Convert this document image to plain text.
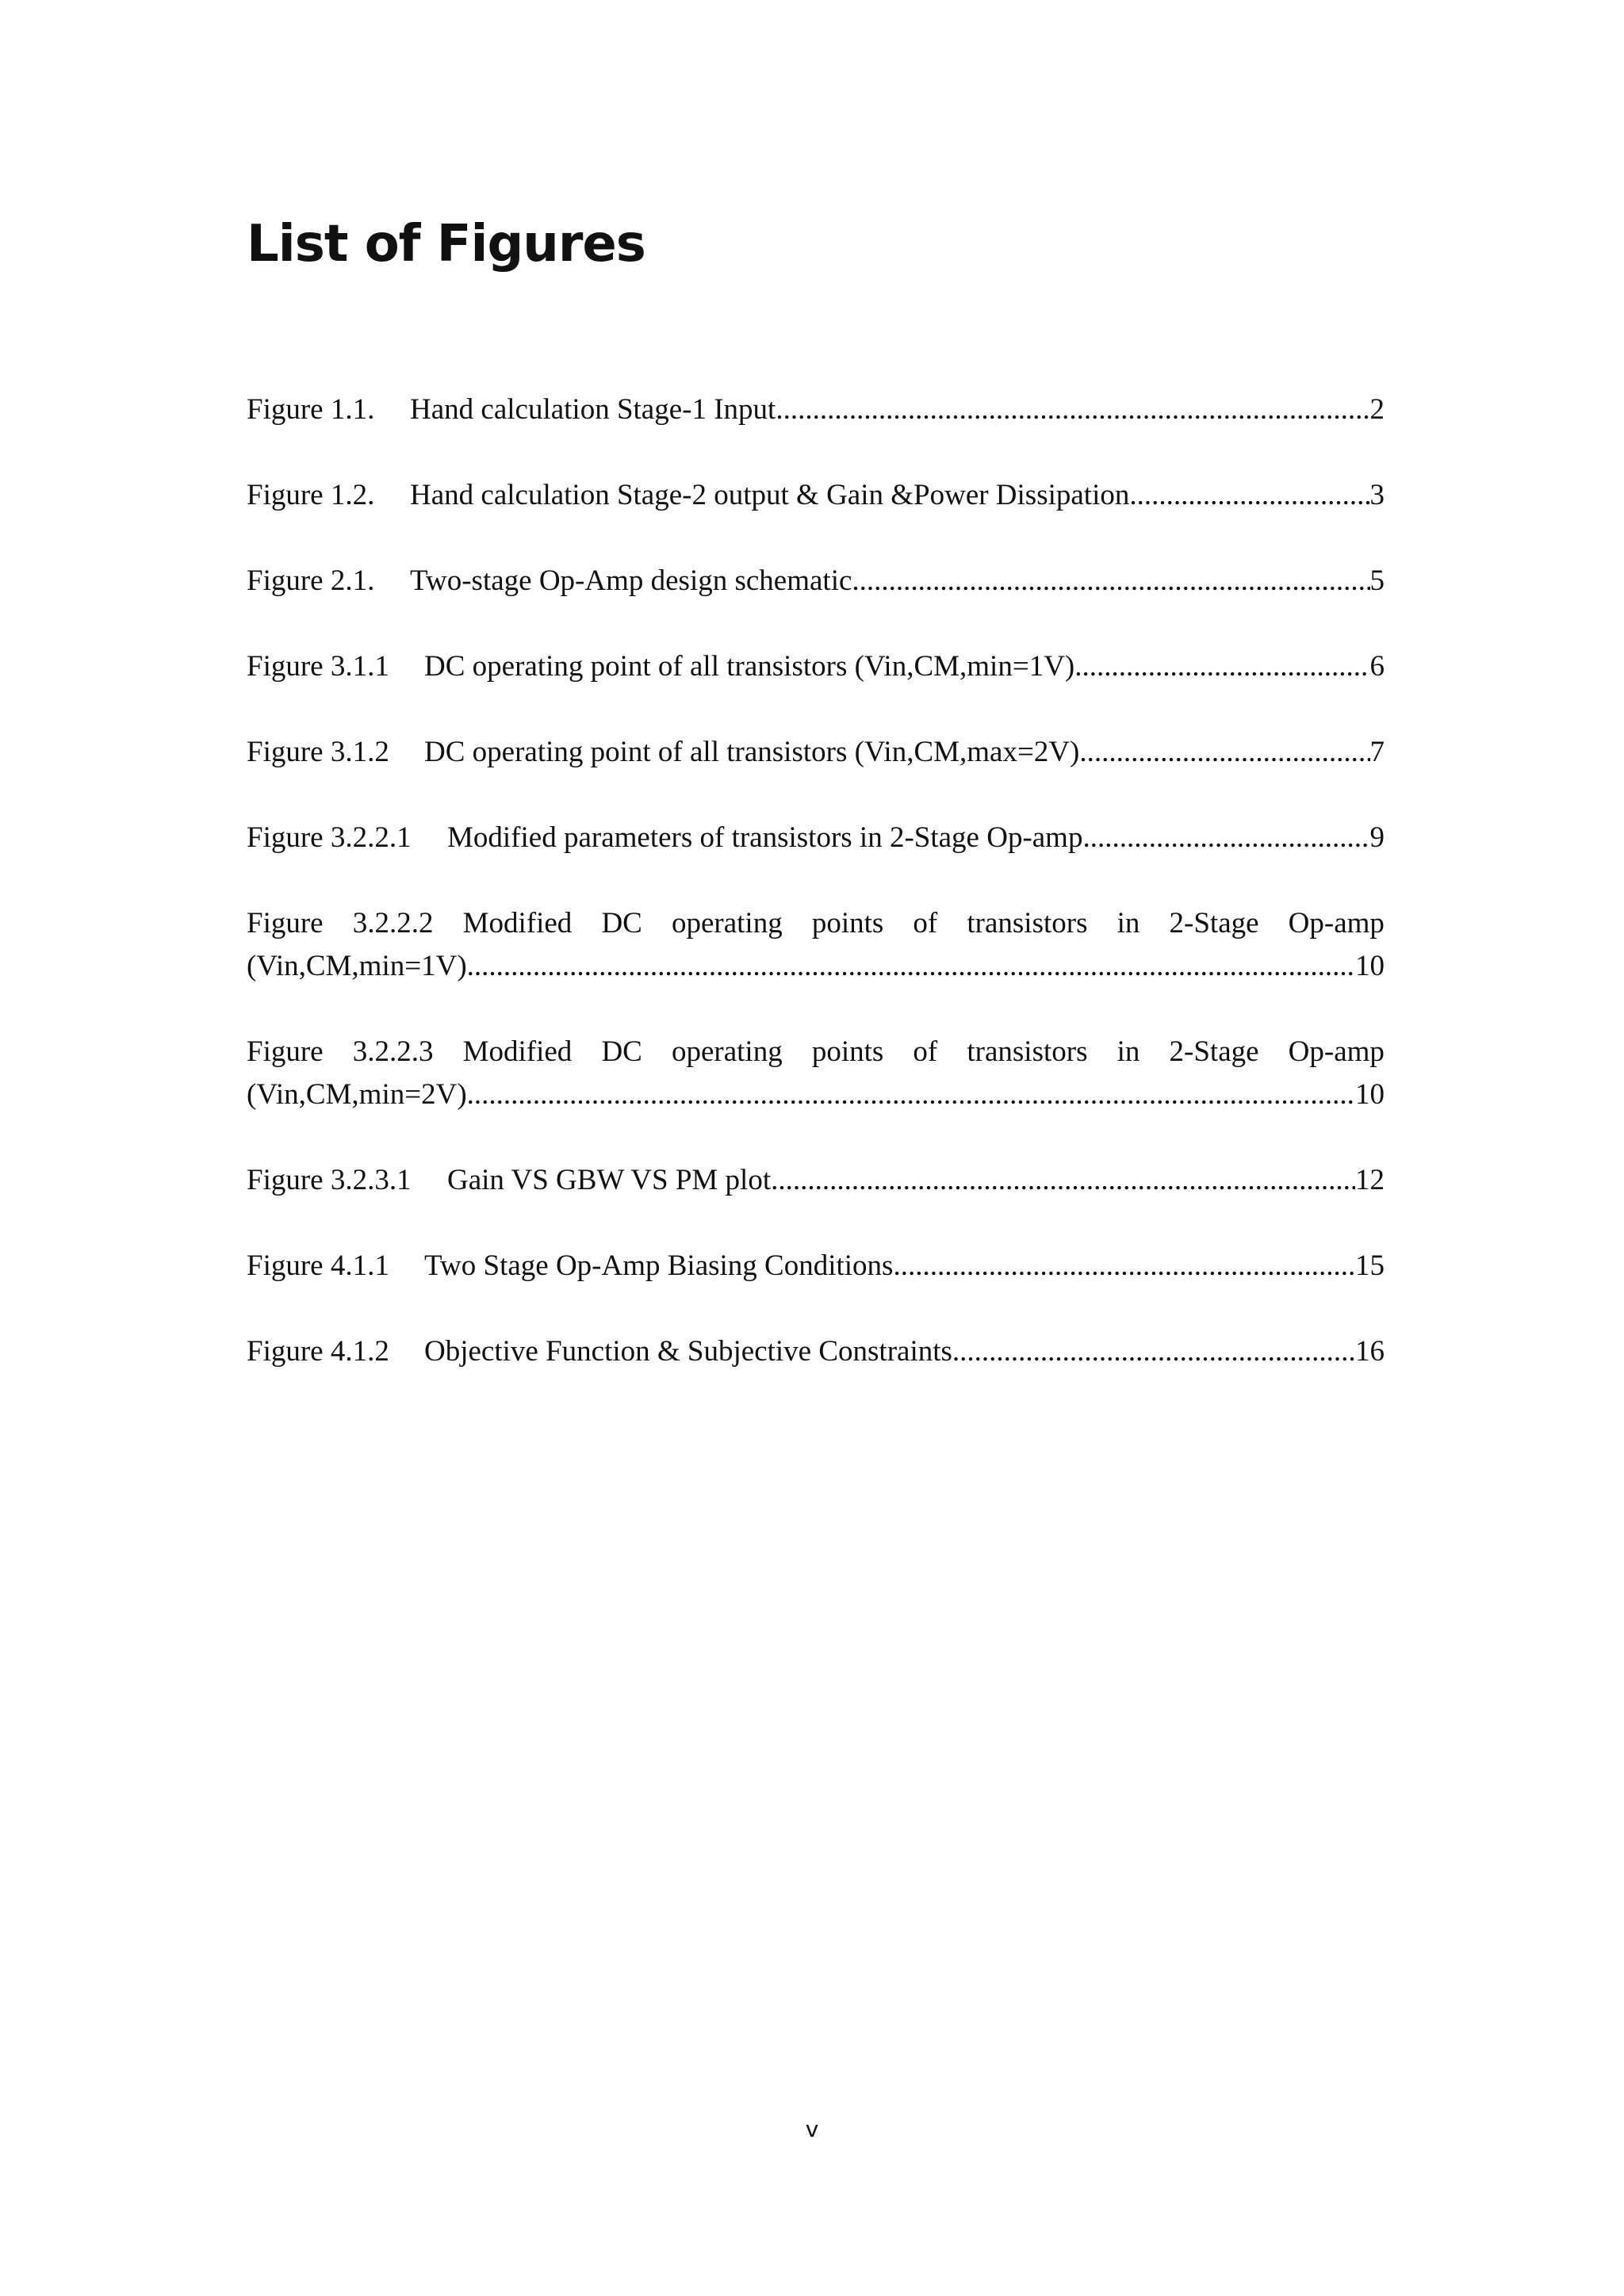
List of Figures
Figure 1.1.	Hand calculation Stage-1 Input. .....	2
Figure 1.2.	Hand calculation Stage-2 output & Gain &Power Dissipation. .....	3
Figure 2.1.	Two-stage Op-Amp design schematic. .....	5
Figure 3.1.1	DC operating point of all transistors (Vin,CM,min=1V). .....	6
Figure 3.1.2	DC operating point of all transistors (Vin,CM,max=2V). .....	7
Figure 3.2.2.1	Modified parameters of transistors in 2-Stage Op-amp. .....	9
Figure 3.2.2.2 Modified DC operating points of transistors in 2-Stage Op-amp
(Vin,CM,min=1V). .....	10
Figure 3.2.2.3 Modified DC operating points of transistors in 2-Stage Op-amp
(Vin,CM,min=2V). .....	10
Figure 3.2.3.1	Gain VS GBW VS PM plot. .....	12
Figure 4.1.1	Two Stage Op-Amp Biasing Conditions .....	15
Figure 4.1.2	Objective Function & Subjective Constraints. .....	16
v
